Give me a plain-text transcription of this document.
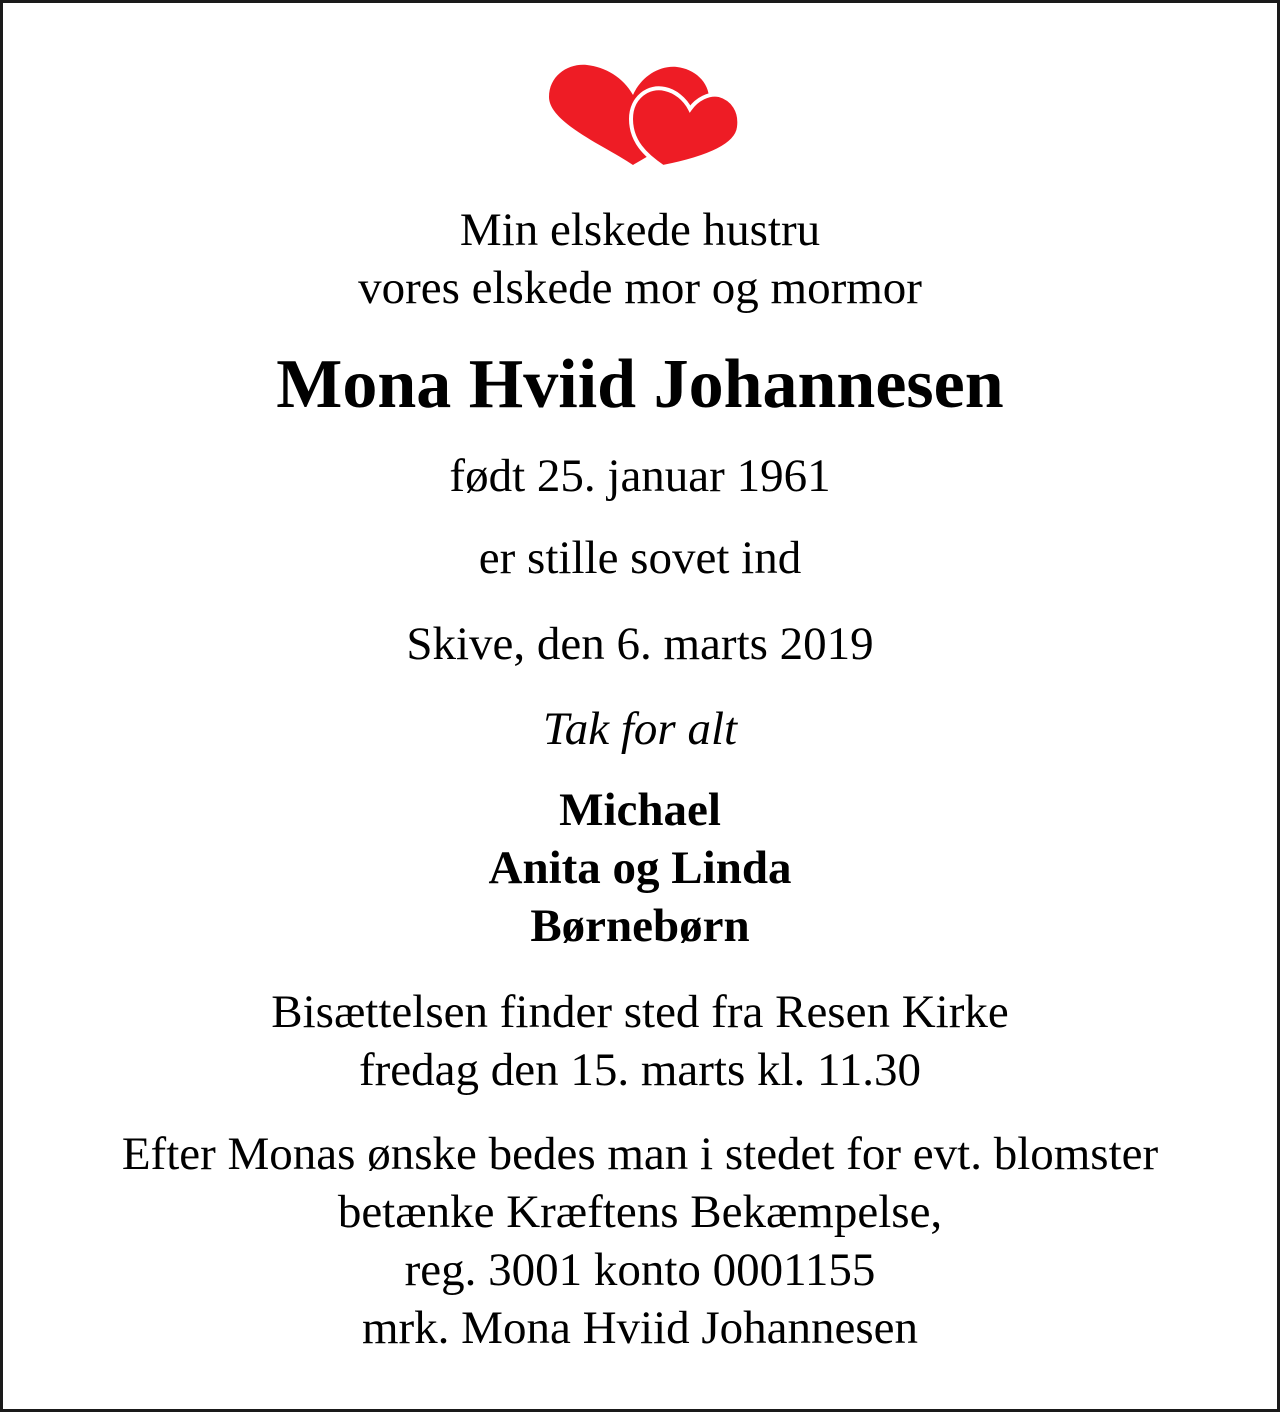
Min elskede hustru
vores elskede mor og mormor
Mona Hviid Johannesen
født 25. januar 1961
er stille sovet ind
Skive, den 6. marts 2019
Tak for alt
Michael
Anita og Linda
Børnebørn
Bisættelsen finder sted fra Resen Kirke
fredag den 15. marts kl. 11.30
Efter Monas ønske bedes man i stedet for evt. blomster
betænke Kræftens Bekæmpelse,
reg. 3001 konto 0001155
mrk. Mona Hviid Johannesen
